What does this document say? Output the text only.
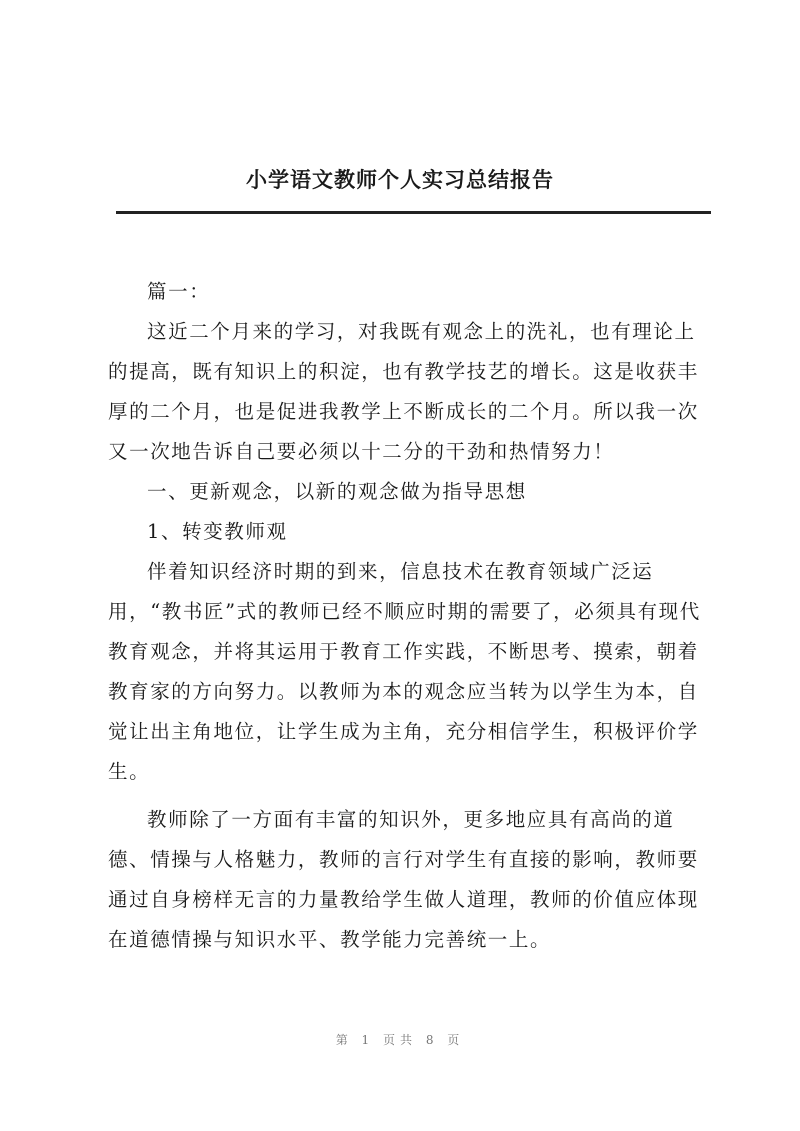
小学语文教师个人实习总结报告

篇一：

这近二个月来的学习，对我既有观念上的洗礼，也有理论上的提高，既有知识上的积淀，也有教学技艺的增长。这是收获丰厚的二个月，也是促进我教学上不断成长的二个月。所以我一次又一次地告诉自己要必须以十二分的干劲和热情努力！

一、更新观念，以新的观念做为指导思想

1、转变教师观

伴着知识经济时期的到来，信息技术在教育领域广泛运用，“教书匠”式的教师已经不顺应时期的需要了，必须具有现代教育观念，并将其运用于教育工作实践，不断思考、摸索，朝着教育家的方向努力。以教师为本的观念应当转为以学生为本，自觉让出主角地位，让学生成为主角，充分相信学生，积极评价学生。

教师除了一方面有丰富的知识外，更多地应具有高尚的道德、情操与人格魅力，教师的言行对学生有直接的影响，教师要通过自身榜样无言的力量教给学生做人道理，教师的价值应体现在道德情操与知识水平、教学能力完善统一上。

第 1 页共 8 页
